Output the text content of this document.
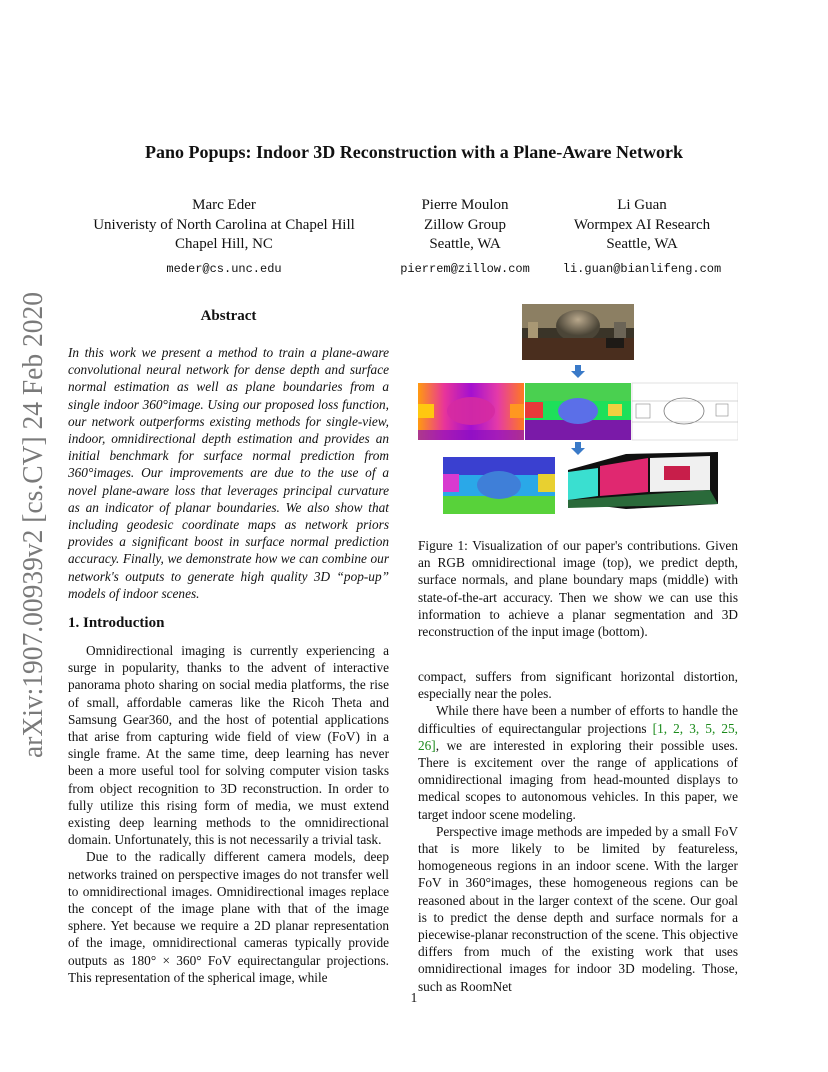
arXiv:1907.00939v2 [cs.CV] 24 Feb 2020
Pano Popups: Indoor 3D Reconstruction with a Plane-Aware Network
Marc Eder
Univeristy of North Carolina at Chapel Hill
Chapel Hill, NC
meder@cs.unc.edu
Pierre Moulon
Zillow Group
Seattle, WA
pierrem@zillow.com
Li Guan
Wormpex AI Research
Seattle, WA
li.guan@bianlifeng.com
Abstract
In this work we present a method to train a plane-aware convolutional neural network for dense depth and surface normal estimation as well as plane boundaries from a single indoor 360°image. Using our proposed loss function, our network outperforms existing methods for single-view, indoor, omnidirectional depth estimation and provides an initial benchmark for surface normal prediction from 360°images. Our improvements are due to the use of a novel plane-aware loss that leverages principal curvature as an indicator of planar boundaries. We also show that including geodesic coordinate maps as network priors provides a significant boost in surface normal prediction accuracy. Finally, we demonstrate how we can combine our network's outputs to generate high quality 3D “pop-up” models of indoor scenes.
1. Introduction

Omnidirectional imaging is currently experiencing a surge in popularity, thanks to the advent of interactive panorama photo sharing on social media platforms, the rise of small, affordable cameras like the Ricoh Theta and Samsung Gear360, and the host of potential applications that arise from capturing wide field of view (FoV) in a single frame. At the same time, deep learning has never been a more useful tool for solving computer vision tasks from object recognition to 3D reconstruction. In order to fully utilize this rising form of media, we must extend existing deep learning methods to the omnidirectional domain. Unfortunately, this is not necessarily a trivial task.

Due to the radically different camera models, deep networks trained on perspective images do not transfer well to omnidirectional images. Omnidirectional images replace the concept of the image plane with that of the image sphere. Yet because we require a 2D planar representation of the image, omnidirectional cameras typically provide outputs as 180° × 360° FoV equirectangular projections. This representation of the spherical image, while

Figure 1: Visualization of our paper's contributions. Given an RGB omnidirectional image (top), we predict depth, surface normals, and plane boundary maps (middle) with state-of-the-art accuracy. Then we show we can use this information to achieve a planar segmentation and 3D reconstruction of the input image (bottom).

compact, suffers from significant horizontal distortion, especially near the poles.

While there have been a number of efforts to handle the difficulties of equirectangular projections [1, 2, 3, 5, 25, 26], we are interested in exploring their possible uses. There is excitement over the range of applications of omnidirectional imaging from head-mounted displays to medical scopes to autonomous vehicles. In this paper, we target indoor scene modeling.

Perspective image methods are impeded by a small FoV that is more likely to be limited by featureless, homogeneous regions in an indoor scene. With the larger FoV in 360°images, these homogeneous regions can be reasoned about in the larger context of the scene. Our goal is to predict the dense depth and surface normals for a piecewise-planar reconstruction of the scene. This objective differs from much of the existing work that uses omnidirectional images for indoor 3D modeling. Those, such as RoomNet

1
